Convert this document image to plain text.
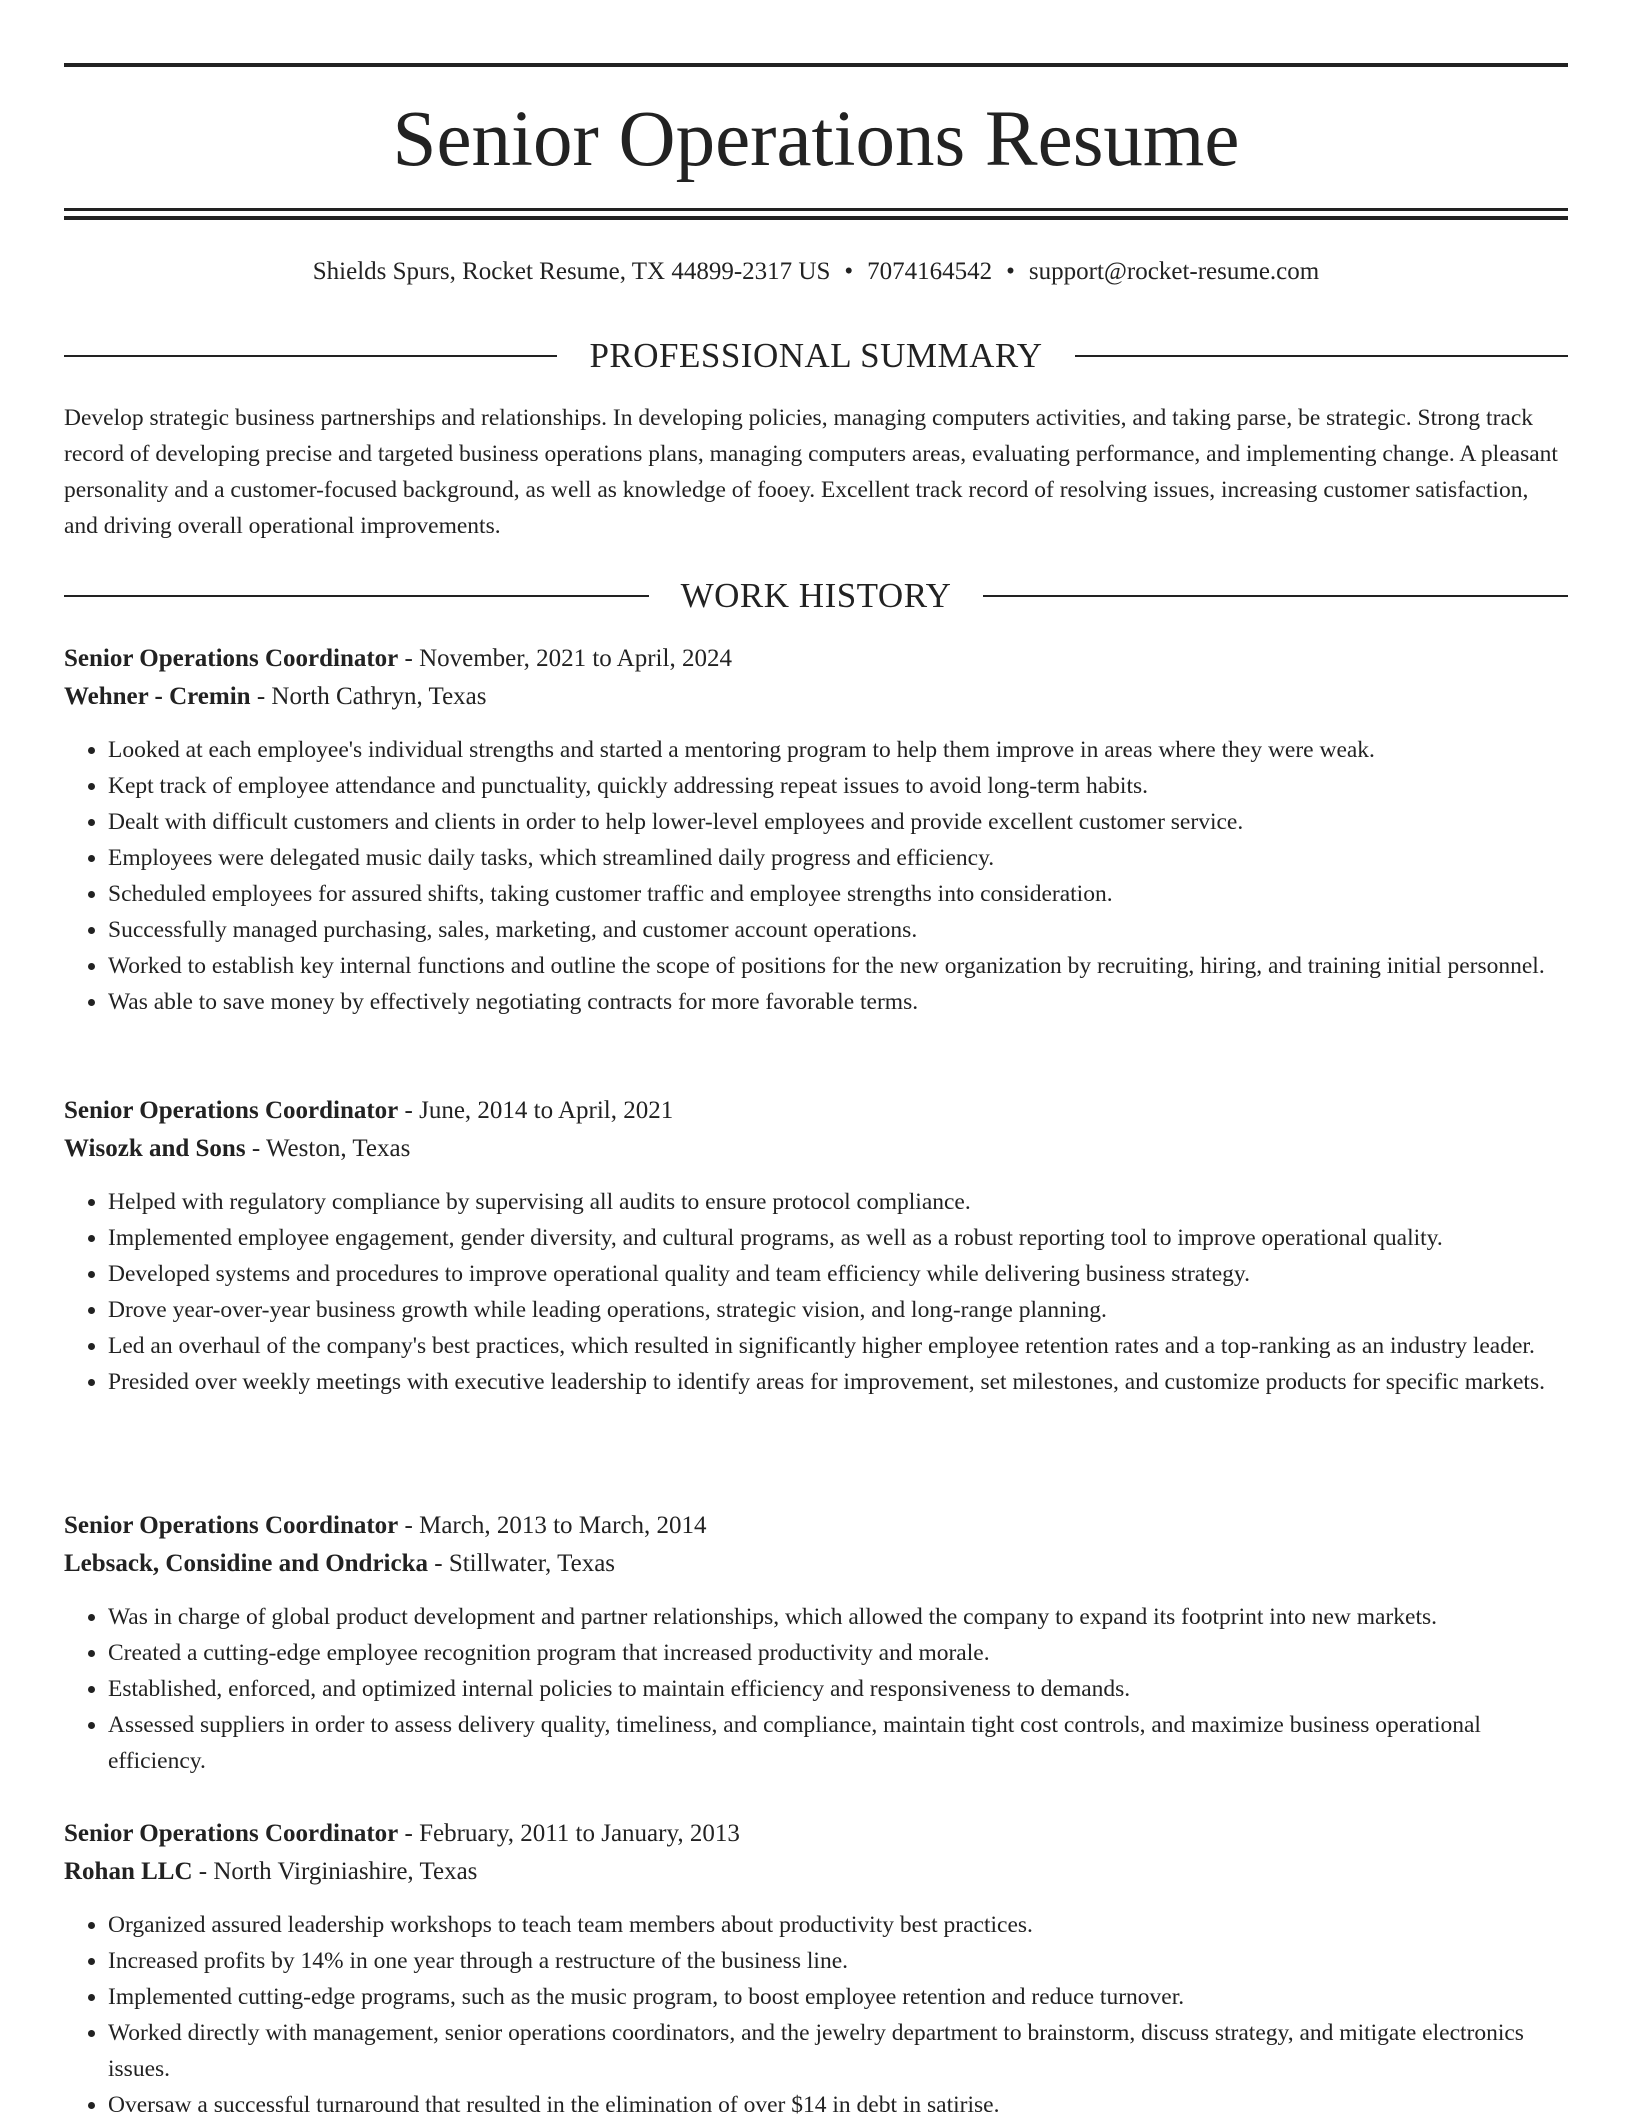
Senior Operations Resume
Shields Spurs, Rocket Resume, TX 44899-2317 US • 7074164542 • support@rocket-resume.com
PROFESSIONAL SUMMARY

Develop strategic business partnerships and relationships. In developing policies, managing computers activities, and taking parse, be strategic. Strong track record of developing precise and targeted business operations plans, managing computers areas, evaluating performance, and implementing change. A pleasant personality and a customer-focused background, as well as knowledge of fooey. Excellent track record of resolving issues, increasing customer satisfaction, and driving overall operational improvements.

WORK HISTORY

Senior Operations Coordinator - November, 2021 to April, 2024

Wehner - Cremin - North Cathryn, Texas

• Looked at each employee's individual strengths and started a mentoring program to help them improve in areas where they were weak.
• Kept track of employee attendance and punctuality, quickly addressing repeat issues to avoid long-term habits.
• Dealt with difficult customers and clients in order to help lower-level employees and provide excellent customer service.
• Employees were delegated music daily tasks, which streamlined daily progress and efficiency.
• Scheduled employees for assured shifts, taking customer traffic and employee strengths into consideration.
• Successfully managed purchasing, sales, marketing, and customer account operations.
• Worked to establish key internal functions and outline the scope of positions for the new organization by recruiting, hiring, and training initial personnel.
• Was able to save money by effectively negotiating contracts for more favorable terms.

Senior Operations Coordinator - June, 2014 to April, 2021

Wisozk and Sons - Weston, Texas

• Helped with regulatory compliance by supervising all audits to ensure protocol compliance.
• Implemented employee engagement, gender diversity, and cultural programs, as well as a robust reporting tool to improve operational quality.
• Developed systems and procedures to improve operational quality and team efficiency while delivering business strategy.
• Drove year-over-year business growth while leading operations, strategic vision, and long-range planning.
• Led an overhaul of the company's best practices, which resulted in significantly higher employee retention rates and a top-ranking as an industry leader.
• Presided over weekly meetings with executive leadership to identify areas for improvement, set milestones, and customize products for specific markets.

Senior Operations Coordinator - March, 2013 to March, 2014

Lebsack, Considine and Ondricka - Stillwater, Texas

• Was in charge of global product development and partner relationships, which allowed the company to expand its footprint into new markets.
• Created a cutting-edge employee recognition program that increased productivity and morale.
• Established, enforced, and optimized internal policies to maintain efficiency and responsiveness to demands.
• Assessed suppliers in order to assess delivery quality, timeliness, and compliance, maintain tight cost controls, and maximize business operational efficiency.

Senior Operations Coordinator - February, 2011 to January, 2013

Rohan LLC - North Virginiashire, Texas

• Organized assured leadership workshops to teach team members about productivity best practices.
• Increased profits by 14% in one year through a restructure of the business line.
• Implemented cutting-edge programs, such as the music program, to boost employee retention and reduce turnover.
• Worked directly with management, senior operations coordinators, and the jewelry department to brainstorm, discuss strategy, and mitigate electronics issues.
• Oversaw a successful turnaround that resulted in the elimination of over $14 in debt in satirise.
